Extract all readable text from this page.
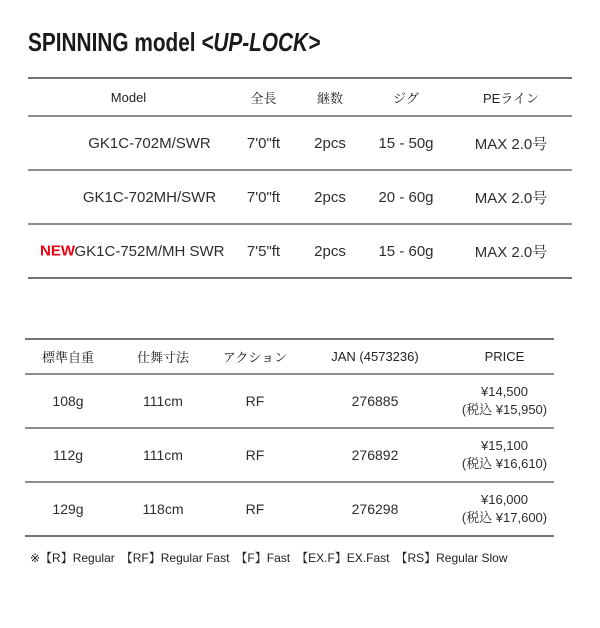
SPINNING model <UP-LOCK>
Model	全長	継数	ジグ	PEライン
GK1C-702M/SWR	7'0"ft	2pcs	15 - 50g	MAX 2.0号
GK1C-702MH/SWR	7'0"ft	2pcs	20 - 60g	MAX 2.0号

NEW GK1C-752M/MH SWR	7'5"ft	2pcs	15 - 60g	MAX 2.0号
標準自重	仕舞寸法	アクション	JAN (4573236)	PRICE
108g	111cm	RF	276885	¥14,500
(税込 ¥15,950)

112g	111cm	RF	276892	¥15,100
(税込 ¥16,610)

129g	118cm	RF	276298	¥16,000
(税込 ¥17,600)
※【R】Regular　【RF】Regular Fast　【F】Fast　【EX.F】EX.Fast　【RS】Regular Slow
